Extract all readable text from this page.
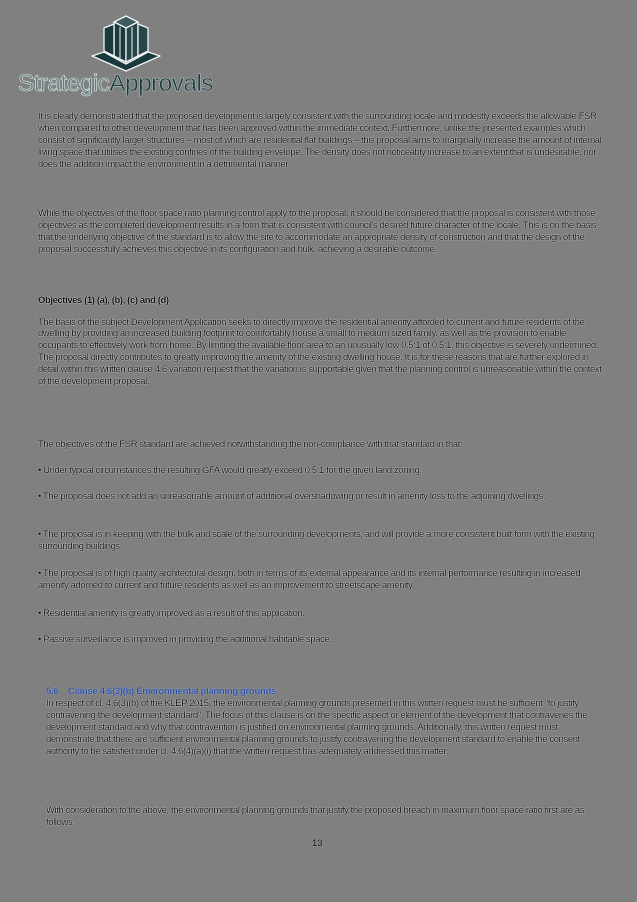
StrategicApprovals

It is clearly demonstrated that the proposed development is largely consistent with the surrounding locale and modestly exceeds the allowable FSR when compared to other development that has been approved within the immediate context. Furthermore, unlike the presented examples which consist of significantly larger structures – most of which are residential flat buildings – this proposal aims to marginally increase the amount of internal living space that utilises the existing confines of the building envelope. The density does not noticeably increase to an extent that is undesirable, nor does the addition impact the environment in a detrimental manner.

While the objectives of the floor space ratio planning control apply to the proposal, it should be considered that the proposal is consistent with those objectives as the completed development results in a form that is consistent with council's desired future character of the locale. This is on the basis that the underlying objective of the standard is to allow the site to accommodate an appropriate density of construction and that the design of the proposal successfully achieves this objective in its configuration and bulk, achieving a desirable outcome.

Objectives (1) (a), (b), (c) and (d)

The basis of the subject Development Application seeks to directly improve the residential amenity afforded to current and future residents of the dwelling by providing an increased building footprint to comfortably house a small to medium sized family, as well as the provision to enable occupants to effectively work from home. By limiting the available floor area to an unusually low 0.5:1 of 0.5:1, this objective is severely undermined. The proposal directly contributes to greatly improving the amenity of the existing dwelling house. It is for these reasons that are further explored in detail within this written clause 4.6 variation request that the variation is supportable given that the planning control is unreasonable within the context of the development proposal.

The objectives of the FSR standard are achieved notwithstanding the non-compliance with that standard in that:

• Under typical circumstances the resulting GFA would greatly exceed 0.5:1 for the given land zoning.

• The proposal does not add an unreasonable amount of additional overshadowing or result in amenity loss to the adjoining dwellings.

• The proposal is in keeping with the bulk and scale of the surrounding developments, and will provide a more consistent built form with the existing surrounding buildings.

• The proposal is of high quality architectural design, both in terms of its external appearance and its internal performance resulting in increased amenity adorned to current and future residents as well as an improvement to streetscape amenity.

• Residential amenity is greatly improved as a result of this application.

• Passive surveillance is improved in providing the additional habitable space.

5.6 Clause 4.6(3)(b) Environmental planning grounds

In respect of cl. 4.6(3)(b) of the KLEP 2015, the environmental planning grounds presented in this written request must be sufficient "to justify contravening the development standard". The focus of this clause is on the specific aspect or element of the development that contravenes the development standard and why that contravention is justified on environmental planning grounds. Additionally, this written request must demonstrate that there are sufficient environmental planning grounds to justify contravening the development standard to enable the consent authority to be satisfied under cl. 4.6(4)(a)(i) that the written request has adequately addressed this matter.

With consideration to the above, the environmental planning grounds that justify the proposed breach in maximum floor space ratio first are as follows:

13
